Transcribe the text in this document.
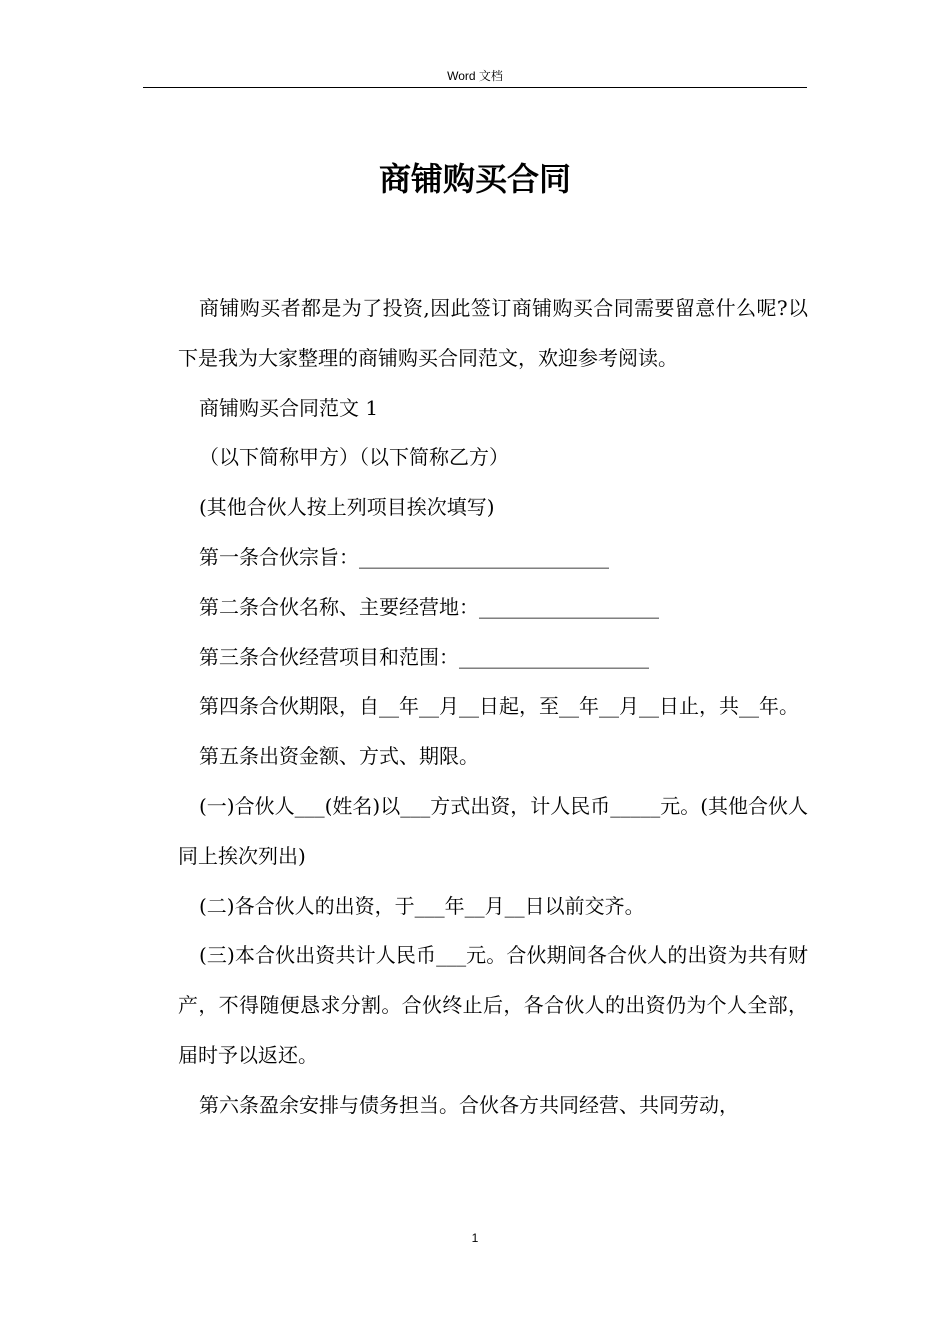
Word 文档
商铺购买合同

商铺购买者都是为了投资,因此签订商铺购买合同需要留意什么呢?以下是我为大家整理的商铺购买合同范文，欢迎参考阅读。

商铺购买合同范文 1

（以下简称甲方）（以下简称乙方）

(其他合伙人按上列项目挨次填写)

第一条合伙宗旨：_________________________

第二条合伙名称、主要经营地：__________________

第三条合伙经营项目和范围：___________________

第四条合伙期限，自__年__月__日起，至__年__月__日止，共__年。

第五条出资金额、方式、期限。

(一)合伙人___(姓名)以___方式出资，计人民币_____元。(其他合伙人同上挨次列出)

(二)各合伙人的出资，于___年__月__日以前交齐。

(三)本合伙出资共计人民币___元。合伙期间各合伙人的出资为共有财产，不得随便恳求分割。合伙终止后，各合伙人的出资仍为个人全部，届时予以返还。

第六条盈余安排与债务担当。合伙各方共同经营、共同劳动，

1
